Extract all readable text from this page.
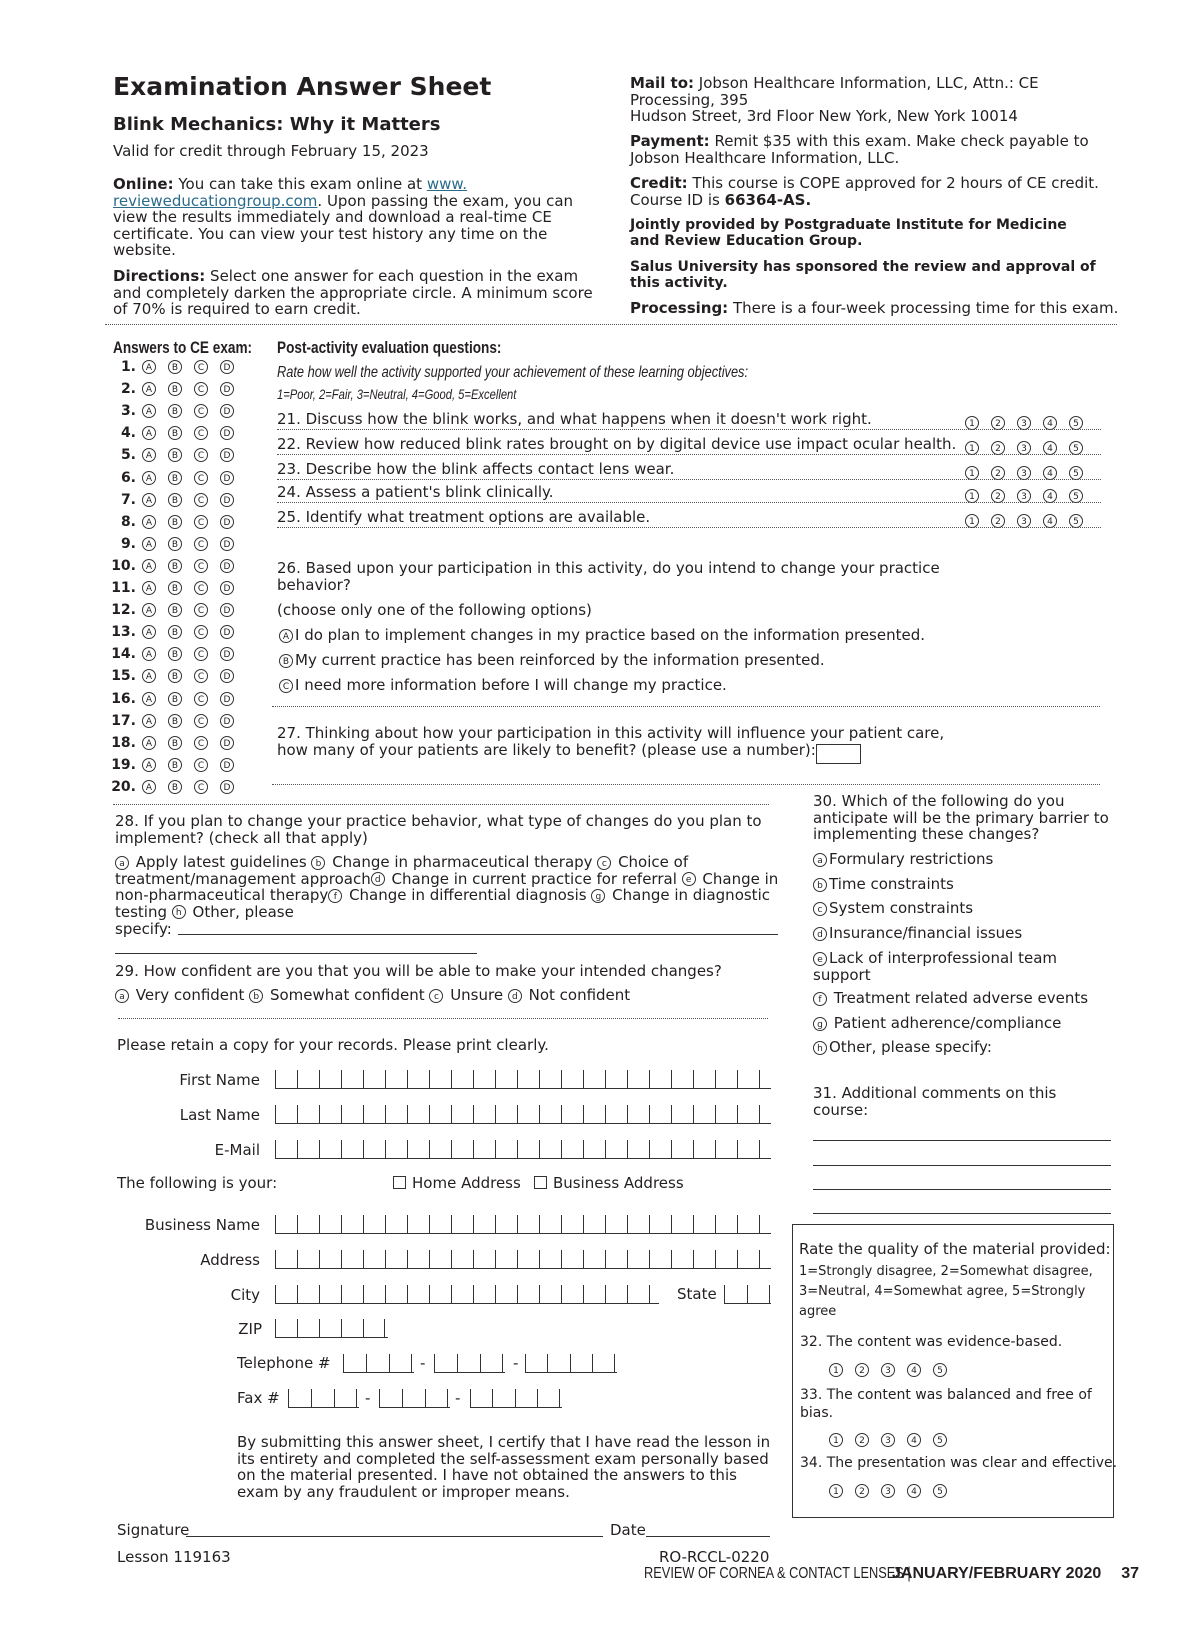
Examination Answer Sheet
Blink Mechanics: Why it Matters
Valid for credit through February 15, 2023
Online: You can take this exam online at www.
revieweducationgroup.com. Upon passing the exam, you can view the results immediately and download a real-time CE certificate. You can view your test history any time on the website.
Directions: Select one answer for each question in the exam and completely darken the appropriate circle. A minimum score of 70% is required to earn credit.
Mail to: Jobson Healthcare Information, LLC, Attn.: CE Processing, 395
Hudson Street, 3rd Floor New York, New York 10014
Payment: Remit $35 with this exam. Make check payable to Jobson Healthcare Information, LLC.
Credit: This course is COPE approved for 2 hours of CE credit.
Course ID is 66364-AS.
Jointly provided by Postgraduate Institute for Medicine and Review Education Group.
Salus University has sponsored the review and approval of this activity.
Processing: There is a four-week processing time for this exam.
Answers to CE exam:
1. A B C D
2. A B C D
3. A B C D
4. A B C D
5. A B C D
6. A B C D
7. A B C D
8. A B C D
9. A B C D
10. A B C D
11. A B C D
12. A B C D
13. A B C D
14. A B C D
15. A B C D
16. A B C D
17. A B C D
18. A B C D
19. A B C D
20. A B C D
Post-activity evaluation questions:
Rate how well the activity supported your achievement of these learning objectives:
1=Poor, 2=Fair, 3=Neutral, 4=Good, 5=Excellent
21. Discuss how the blink works, and what happens when it doesn't work right.	1 2 3 4 5
22. Review how reduced blink rates brought on by digital device use impact ocular health.	1 2 3 4 5
23. Describe how the blink affects contact lens wear.	1 2 3 4 5
24. Assess a patient's blink clinically.	1 2 3 4 5
25. Identify what treatment options are available.	1 2 3 4 5
26. Based upon your participation in this activity, do you intend to change your practice behavior?
(choose only one of the following options)
A I do plan to implement changes in my practice based on the information presented.
B My current practice has been reinforced by the information presented.
C I need more information before I will change my practice.
27. Thinking about how your participation in this activity will influence your patient care, how many of your patients are likely to benefit? (please use a number):
28. If you plan to change your practice behavior, what type of changes do you plan to implement? (check all that apply)
a Apply latest guidelines b Change in pharmaceutical therapy c Choice of treatment/management approach d Change in current practice for referral e Change in non-pharmaceutical therapy f Change in differential diagnosis g Change in diagnostic testing h Other, please
specify:
29. How confident are you that you will be able to make your intended changes?
a Very confident b Somewhat confident c Unsure d Not confident
30. Which of the following do you anticipate will be the primary barrier to implementing these changes?
a Formulary restrictions
b Time constraints
c System constraints
d Insurance/financial issues
e Lack of interprofessional team support
f Treatment related adverse events
g Patient adherence/compliance
h Other, please specify:
31. Additional comments on this course:
Please retain a copy for your records. Please print clearly.
First Name
Last Name
E-Mail
The following is your:	Home Address	Business Address
Business Name
Address
City	State
ZIP
Telephone #	-	-
Fax #	-	-
By submitting this answer sheet, I certify that I have read the lesson in its entirety and completed the self-assessment exam personally based on the material presented. I have not obtained the answers to this exam by any fraudulent or improper means.
Signature	Date
Rate the quality of the material provided:
1=Strongly disagree, 2=Somewhat disagree, 3=Neutral, 4=Somewhat agree, 5=Strongly agree
32. The content was evidence-based.
1 2 3 4 5
33. The content was balanced and free of bias.
1 2 3 4 5
34. The presentation was clear and effective.
1 2 3 4 5
Lesson 119163	RO-RCCL-0220
REVIEW OF CORNEA & CONTACT LENSES |JANUARY/FEBRUARY 2020 37
